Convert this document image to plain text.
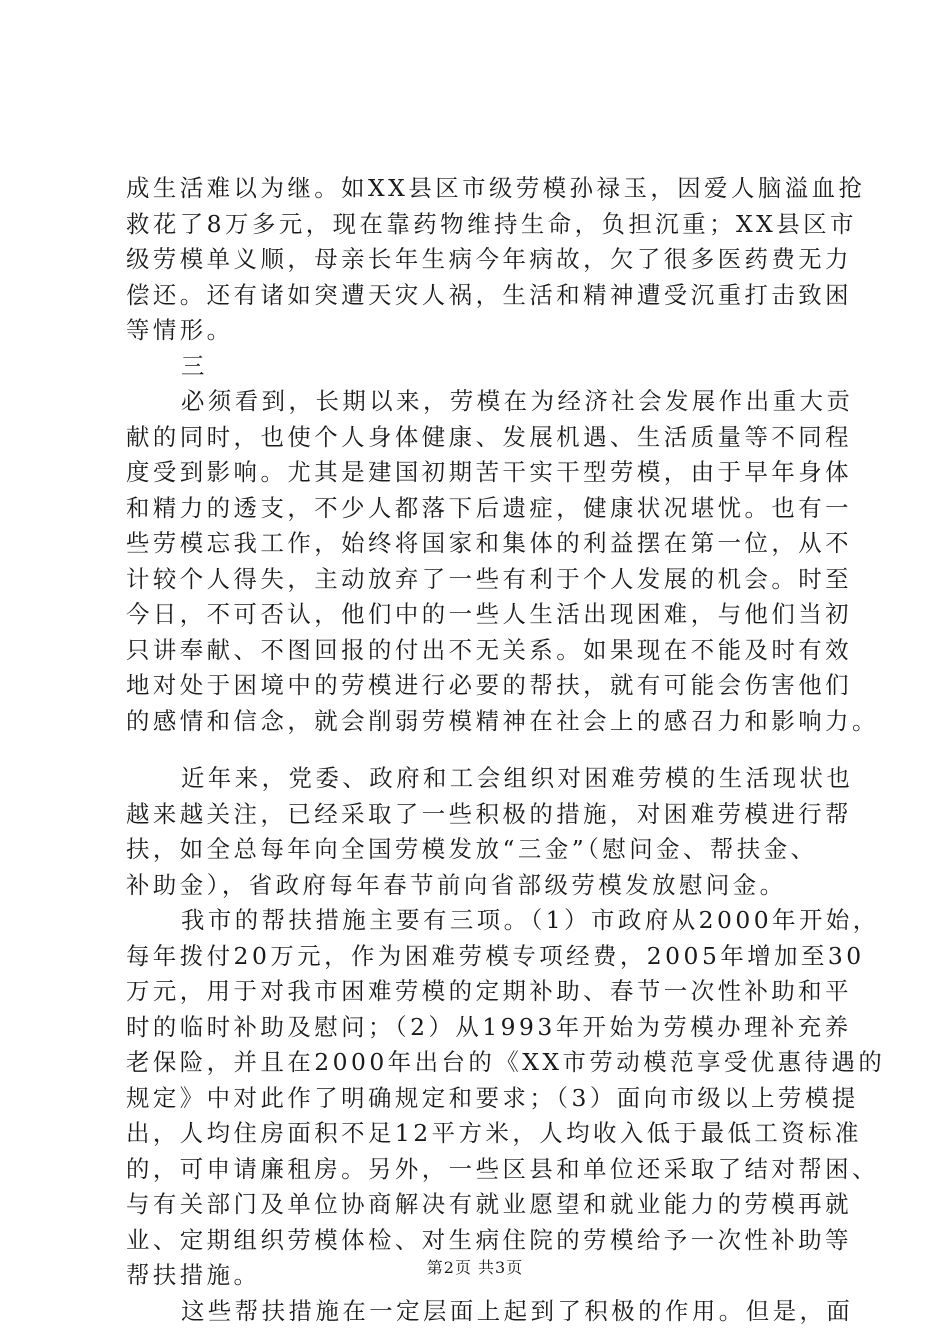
成生活难以为继。如XX县区市级劳模孙禄玉，因爱人脑溢血抢
救花了8万多元，现在靠药物维持生命，负担沉重；XX县区市
级劳模单义顺，母亲长年生病今年病故，欠了很多医药费无力
偿还。还有诸如突遭天灾人祸，生活和精神遭受沉重打击致困
等情形。
三
必须看到，长期以来，劳模在为经济社会发展作出重大贡
献的同时，也使个人身体健康、发展机遇、生活质量等不同程
度受到影响。尤其是建国初期苦干实干型劳模，由于早年身体
和精力的透支，不少人都落下后遗症，健康状况堪忧。也有一
些劳模忘我工作，始终将国家和集体的利益摆在第一位，从不
计较个人得失，主动放弃了一些有利于个人发展的机会。时至
今日，不可否认，他们中的一些人生活出现困难，与他们当初
只讲奉献、不图回报的付出不无关系。如果现在不能及时有效
地对处于困境中的劳模进行必要的帮扶，就有可能会伤害他们
的感情和信念，就会削弱劳模精神在社会上的感召力和影响力。
近年来，党委、政府和工会组织对困难劳模的生活现状也
越来越关注，已经采取了一些积极的措施，对困难劳模进行帮
扶，如全总每年向全国劳模发放“三金”（慰问金、帮扶金、
补助金），省政府每年春节前向省部级劳模发放慰问金。
我市的帮扶措施主要有三项。（1）市政府从2000年开始，
每年拨付20万元，作为困难劳模专项经费，2005年增加至30
万元，用于对我市困难劳模的定期补助、春节一次性补助和平
时的临时补助及慰问；（2）从1993年开始为劳模办理补充养
老保险，并且在2000年出台的《XX市劳动模范享受优惠待遇的
规定》中对此作了明确规定和要求；（3）面向市级以上劳模提
出，人均住房面积不足12平方米，人均收入低于最低工资标准
的，可申请廉租房。另外，一些区县和单位还采取了结对帮困、
与有关部门及单位协商解决有就业愿望和就业能力的劳模再就
业、定期组织劳模体检、对生病住院的劳模给予一次性补助等
帮扶措施。
这些帮扶措施在一定层面上起到了积极的作用。但是，面
第2页 共3页
